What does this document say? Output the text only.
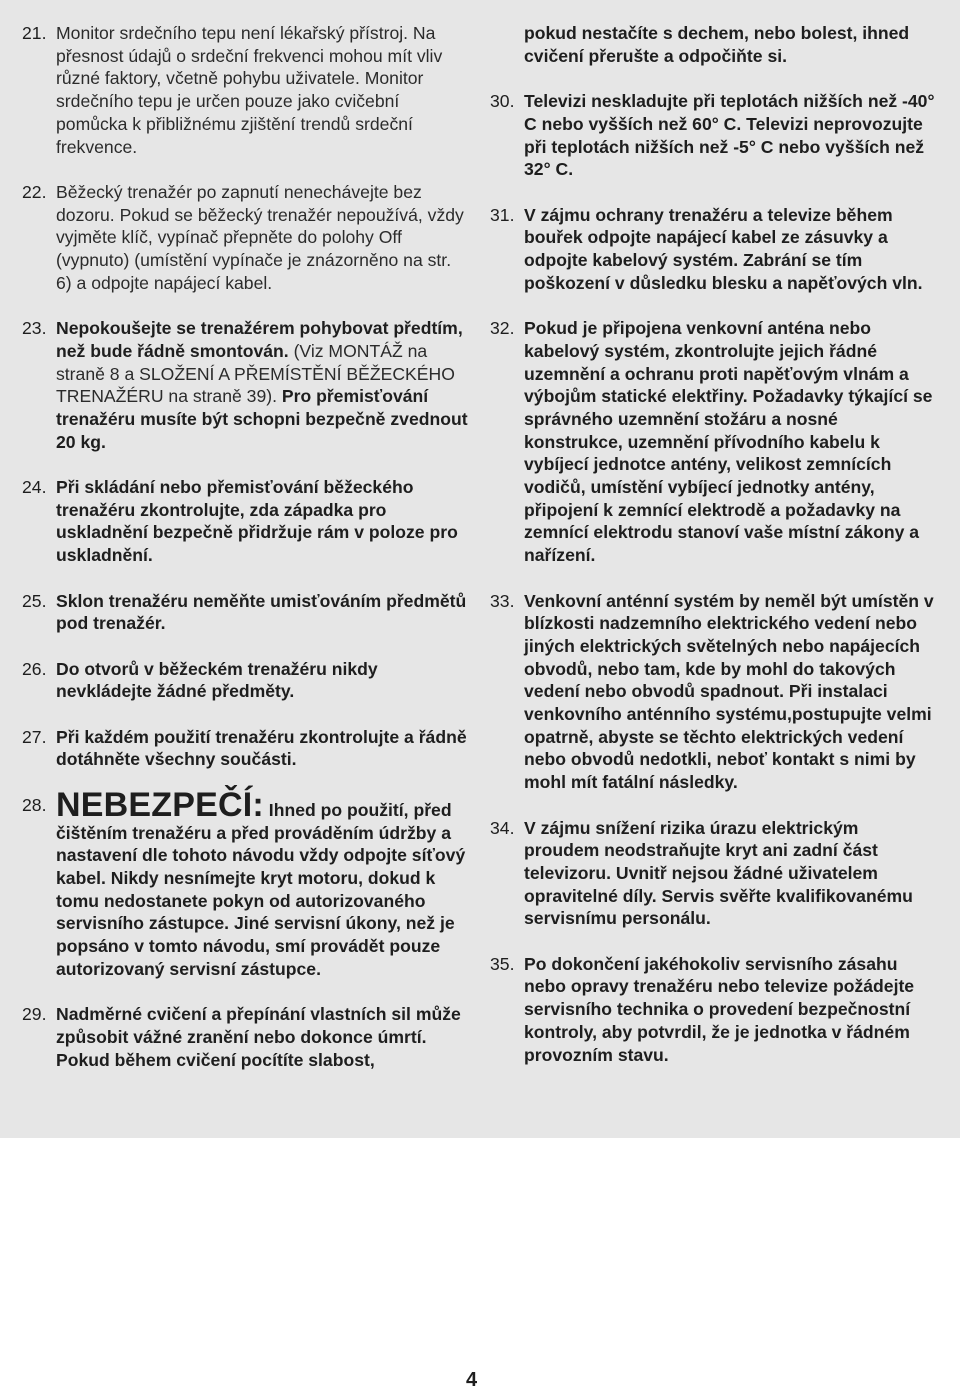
21. Monitor srdečního tepu není lékařský přístroj. Na přesnost údajů o srdeční frekvenci mohou mít vliv různé faktory, včetně pohybu uživatele. Monitor srdečního tepu je určen pouze jako cvičební pomůcka k přibližnému zjištění trendů srdeční frekvence.
22. Běžecký trenažér po zapnutí nenechávejte bez dozoru. Pokud se běžecký trenažér nepoužívá, vždy vyjměte klíč, vypínač přepněte do polohy Off (vypnuto) (umístění vypínače je znázorněno na str. 6) a odpojte napájecí kabel.
23. Nepokoušejte se trenažérem pohybovat předtím, než bude řádně smontován. (Viz MONTÁŽ na straně 8 a SLOŽENÍ A PŘEMÍSTĚNÍ BĚŽECKÉHO TRENAŽÉRU na straně 39). Pro přemisťování trenažéru musíte být schopni bezpečně zvednout 20 kg.
24. Při skládání nebo přemisťování běžeckého trenažéru zkontrolujte, zda západka pro uskladnění bezpečně přidržuje rám v poloze pro uskladnění.
25. Sklon trenažéru neměňte umisťováním předmětů pod trenažér.
26. Do otvorů v běžeckém trenažéru nikdy nevkládejte žádné předměty.
27. Při každém použití trenažéru zkontrolujte a řádně dotáhněte všechny součásti.
28. NEBEZPEČÍ: Ihned po použití, před čištěním trenažéru a před prováděním údržby a nastavení dle tohoto návodu vždy odpojte síťový kabel. Nikdy nesnímejte kryt motoru, dokud k tomu nedostanete pokyn od autorizovaného servisního zástupce. Jiné servisní úkony, než je popsáno v tomto návodu, smí provádět pouze autorizovaný servisní zástupce.
29. Nadměrné cvičení a přepínání vlastních sil může způsobit vážné zranění nebo dokonce úmrtí. Pokud během cvičení pocítíte slabost,
pokud nestačíte s dechem, nebo bolest, ihned cvičení přerušte a odpočiňte si.
30. Televizi neskladujte při teplotách nižších než -40° C nebo vyšších než 60° C. Televizi neprovozujte při teplotách nižších než -5° C nebo vyšších než 32° C.
31. V zájmu ochrany trenažéru a televize během bouřek odpojte napájecí kabel ze zásuvky a odpojte kabelový systém. Zabrání se tím poškození v důsledku blesku a napěťových vln.
32. Pokud je připojena venkovní anténa nebo kabelový systém, zkontrolujte jejich řádné uzemnění a ochranu proti napěťovým vlnám a výbojům statické elektřiny. Požadavky týkající se správného uzemnění stožáru a nosné konstrukce, uzemnění přívodního kabelu k vybíjecí jednotce antény, velikost zemnících vodičů, umístění vybíjecí jednotky antény, připojení k zemnící elektrodě a požadavky na zemnící elektrodu stanoví vaše místní zákony a nařízení.
33. Venkovní anténní systém by neměl být umístěn v blízkosti nadzemního elektrického vedení nebo jiných elektrických světelných nebo napájecích obvodů, nebo tam, kde by mohl do takových vedení nebo obvodů spadnout. Při instalaci venkovního anténního systému,postupujte velmi opatrně, abyste se těchto elektrických vedení nebo obvodů nedotkli, neboť kontakt s nimi by mohl mít fatální následky.
34. V zájmu snížení rizika úrazu elektrickým proudem neodstraňujte kryt ani zadní část televizoru. Uvnitř nejsou žádné uživatelem opravitelné díly. Servis svěřte kvalifikovanému servisnímu personálu.
35. Po dokončení jakéhokoliv servisního zásahu nebo opravy trenažéru nebo televize požádejte servisního technika o provedení bezpečnostní kontroly, aby potvrdil, že je jednotka v řádném provozním stavu.
4
